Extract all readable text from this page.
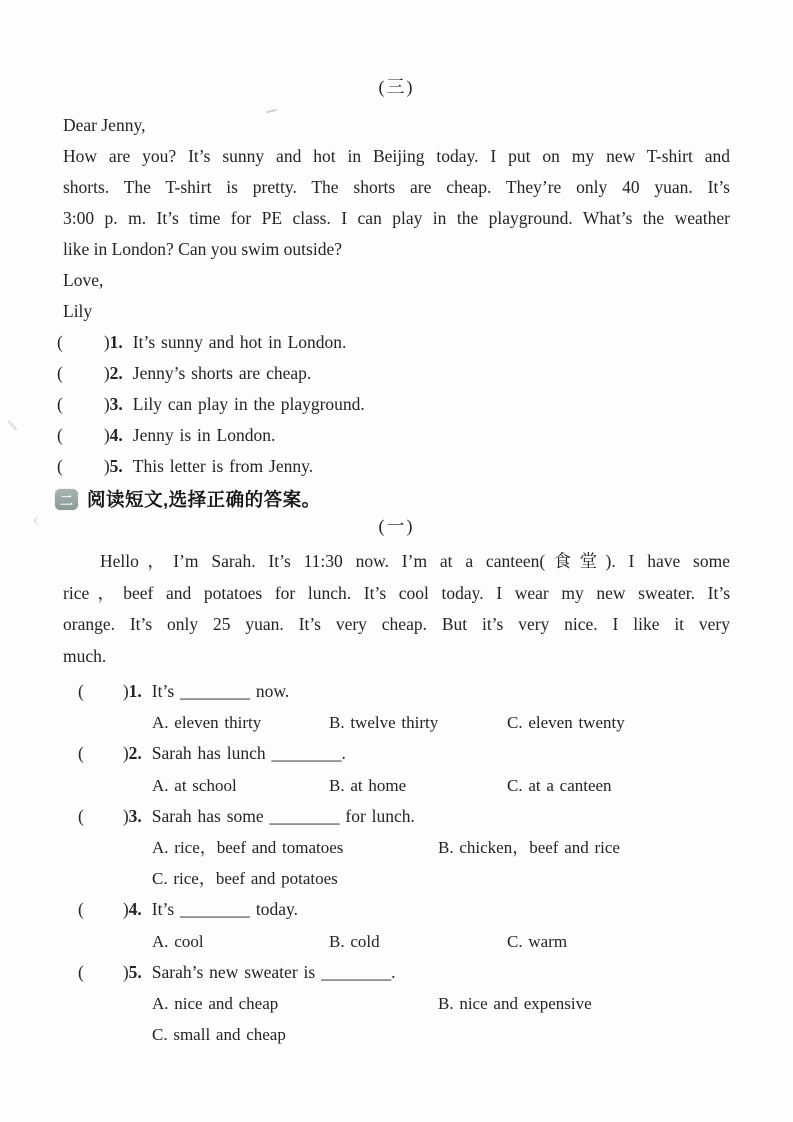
(三)
Dear Jenny,
How are you? It’s sunny and hot in Beijing today. I put on my new T-shirt and
shorts. The T-shirt is pretty. The shorts are cheap. They’re only 40 yuan. It’s
3:00 p. m. It’s time for PE class. I can play in the playground. What’s the weather
like in London? Can you swim outside?
Love,
Lily
( )1. It’s sunny and hot in London.
( )2. Jenny’s shorts are cheap.
( )3. Lily can play in the playground.
( )4. Jenny is in London.
( )5. This letter is from Jenny.
二 阅读短文,选择正确的答案。
(一)
Hello，I’m Sarah. It’s 11:30 now. I’m at a canteen(食堂). I have some
rice，beef and potatoes for lunch. It’s cool today. I wear my new sweater. It’s
orange. It’s only 25 yuan. It’s very cheap. But it’s very nice. I like it very
much.
( )1. It’s ________ now.
A. eleven thirty	B. twelve thirty	C. eleven twenty
( )2. Sarah has lunch ________.
A. at school	B. at home	C. at a canteen
( )3. Sarah has some ________ for lunch.
A. rice，beef and tomatoes	B. chicken，beef and rice
C. rice，beef and potatoes
( )4. It’s ________ today.
A. cool	B. cold	C. warm
( )5. Sarah’s new sweater is ________.
A. nice and cheap	B. nice and expensive
C. small and cheap
